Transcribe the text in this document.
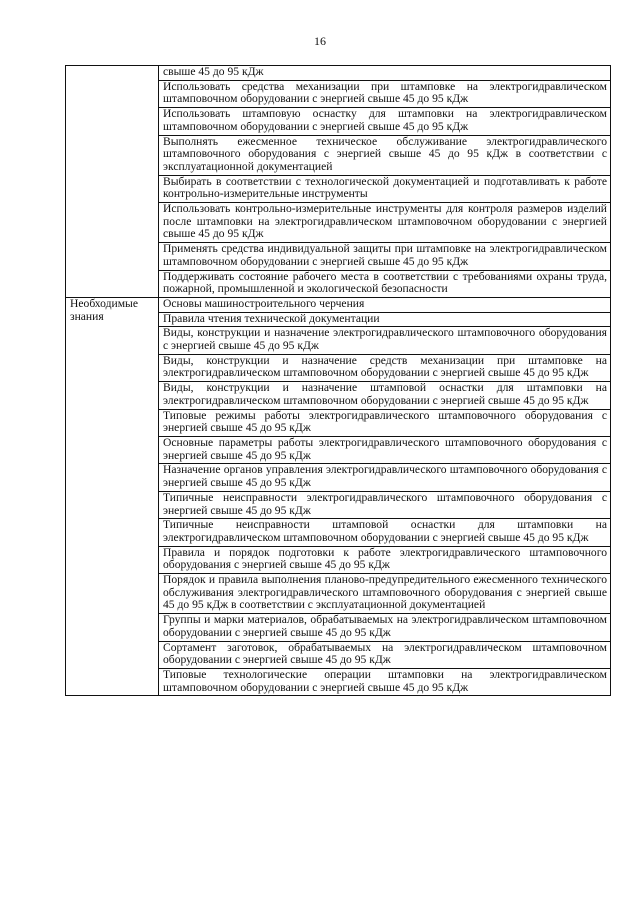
16
	свыше 45 до 95 кДж
	Использовать средства механизации при штамповке на электрогидравлическом штамповочном оборудовании с энергией свыше 45 до 95 кДж
	Использовать штамповую оснастку для штамповки на электрогидравлическом штамповочном оборудовании с энергией свыше 45 до 95 кДж
	Выполнять ежесменное техническое обслуживание электрогидравлического штамповочного оборудования с энергией свыше 45 до 95 кДж в соответствии с эксплуатационной документацией
	Выбирать в соответствии с технологической документацией и подготавливать к работе контрольно-измерительные инструменты
	Использовать контрольно-измерительные инструменты для контроля размеров изделий после штамповки на электрогидравлическом штамповочном оборудовании с энергией свыше 45 до 95 кДж
	Применять средства индивидуальной защиты при штамповке на электрогидравлическом штамповочном оборудовании с энергией свыше 45 до 95 кДж
	Поддерживать состояние рабочего места в соответствии с требованиями охраны труда, пожарной, промышленной и экологической безопасности
Необходимые знания	Основы машиностроительного черчения
	Правила чтения технической документации
	Виды, конструкции и назначение электрогидравлического штамповочного оборудования с энергией свыше 45 до 95 кДж
	Виды, конструкции и назначение средств механизации при штамповке на электрогидравлическом штамповочном оборудовании с энергией свыше 45 до 95 кДж
	Виды, конструкции и назначение штамповой оснастки для штамповки на электрогидравлическом штамповочном оборудовании с энергией свыше 45 до 95 кДж
	Типовые режимы работы электрогидравлического штамповочного оборудования с энергией свыше 45 до 95 кДж
	Основные параметры работы электрогидравлического штамповочного оборудования с энергией свыше 45 до 95 кДж
	Назначение органов управления электрогидравлического штамповочного оборудования с энергией свыше 45 до 95 кДж
	Типичные неисправности электрогидравлического штамповочного оборудования с энергией свыше 45 до 95 кДж
	Типичные неисправности штамповой оснастки для штамповки на электрогидравлическом штамповочном оборудовании с энергией свыше 45 до 95 кДж
	Правила и порядок подготовки к работе электрогидравлического штамповочного оборудования с энергией свыше 45 до 95 кДж
	Порядок и правила выполнения планово-предупредительного ежесменного технического обслуживания электрогидравлического штамповочного оборудования с энергией свыше 45 до 95 кДж в соответствии с эксплуатационной документацией
	Группы и марки материалов, обрабатываемых на электрогидравлическом штамповочном оборудовании с энергией свыше 45 до 95 кДж
	Сортамент заготовок, обрабатываемых на электрогидравлическом штамповочном оборудовании с энергией свыше 45 до 95 кДж
	Типовые технологические операции штамповки на электрогидравлическом штамповочном оборудовании с энергией свыше 45 до 95 кДж
